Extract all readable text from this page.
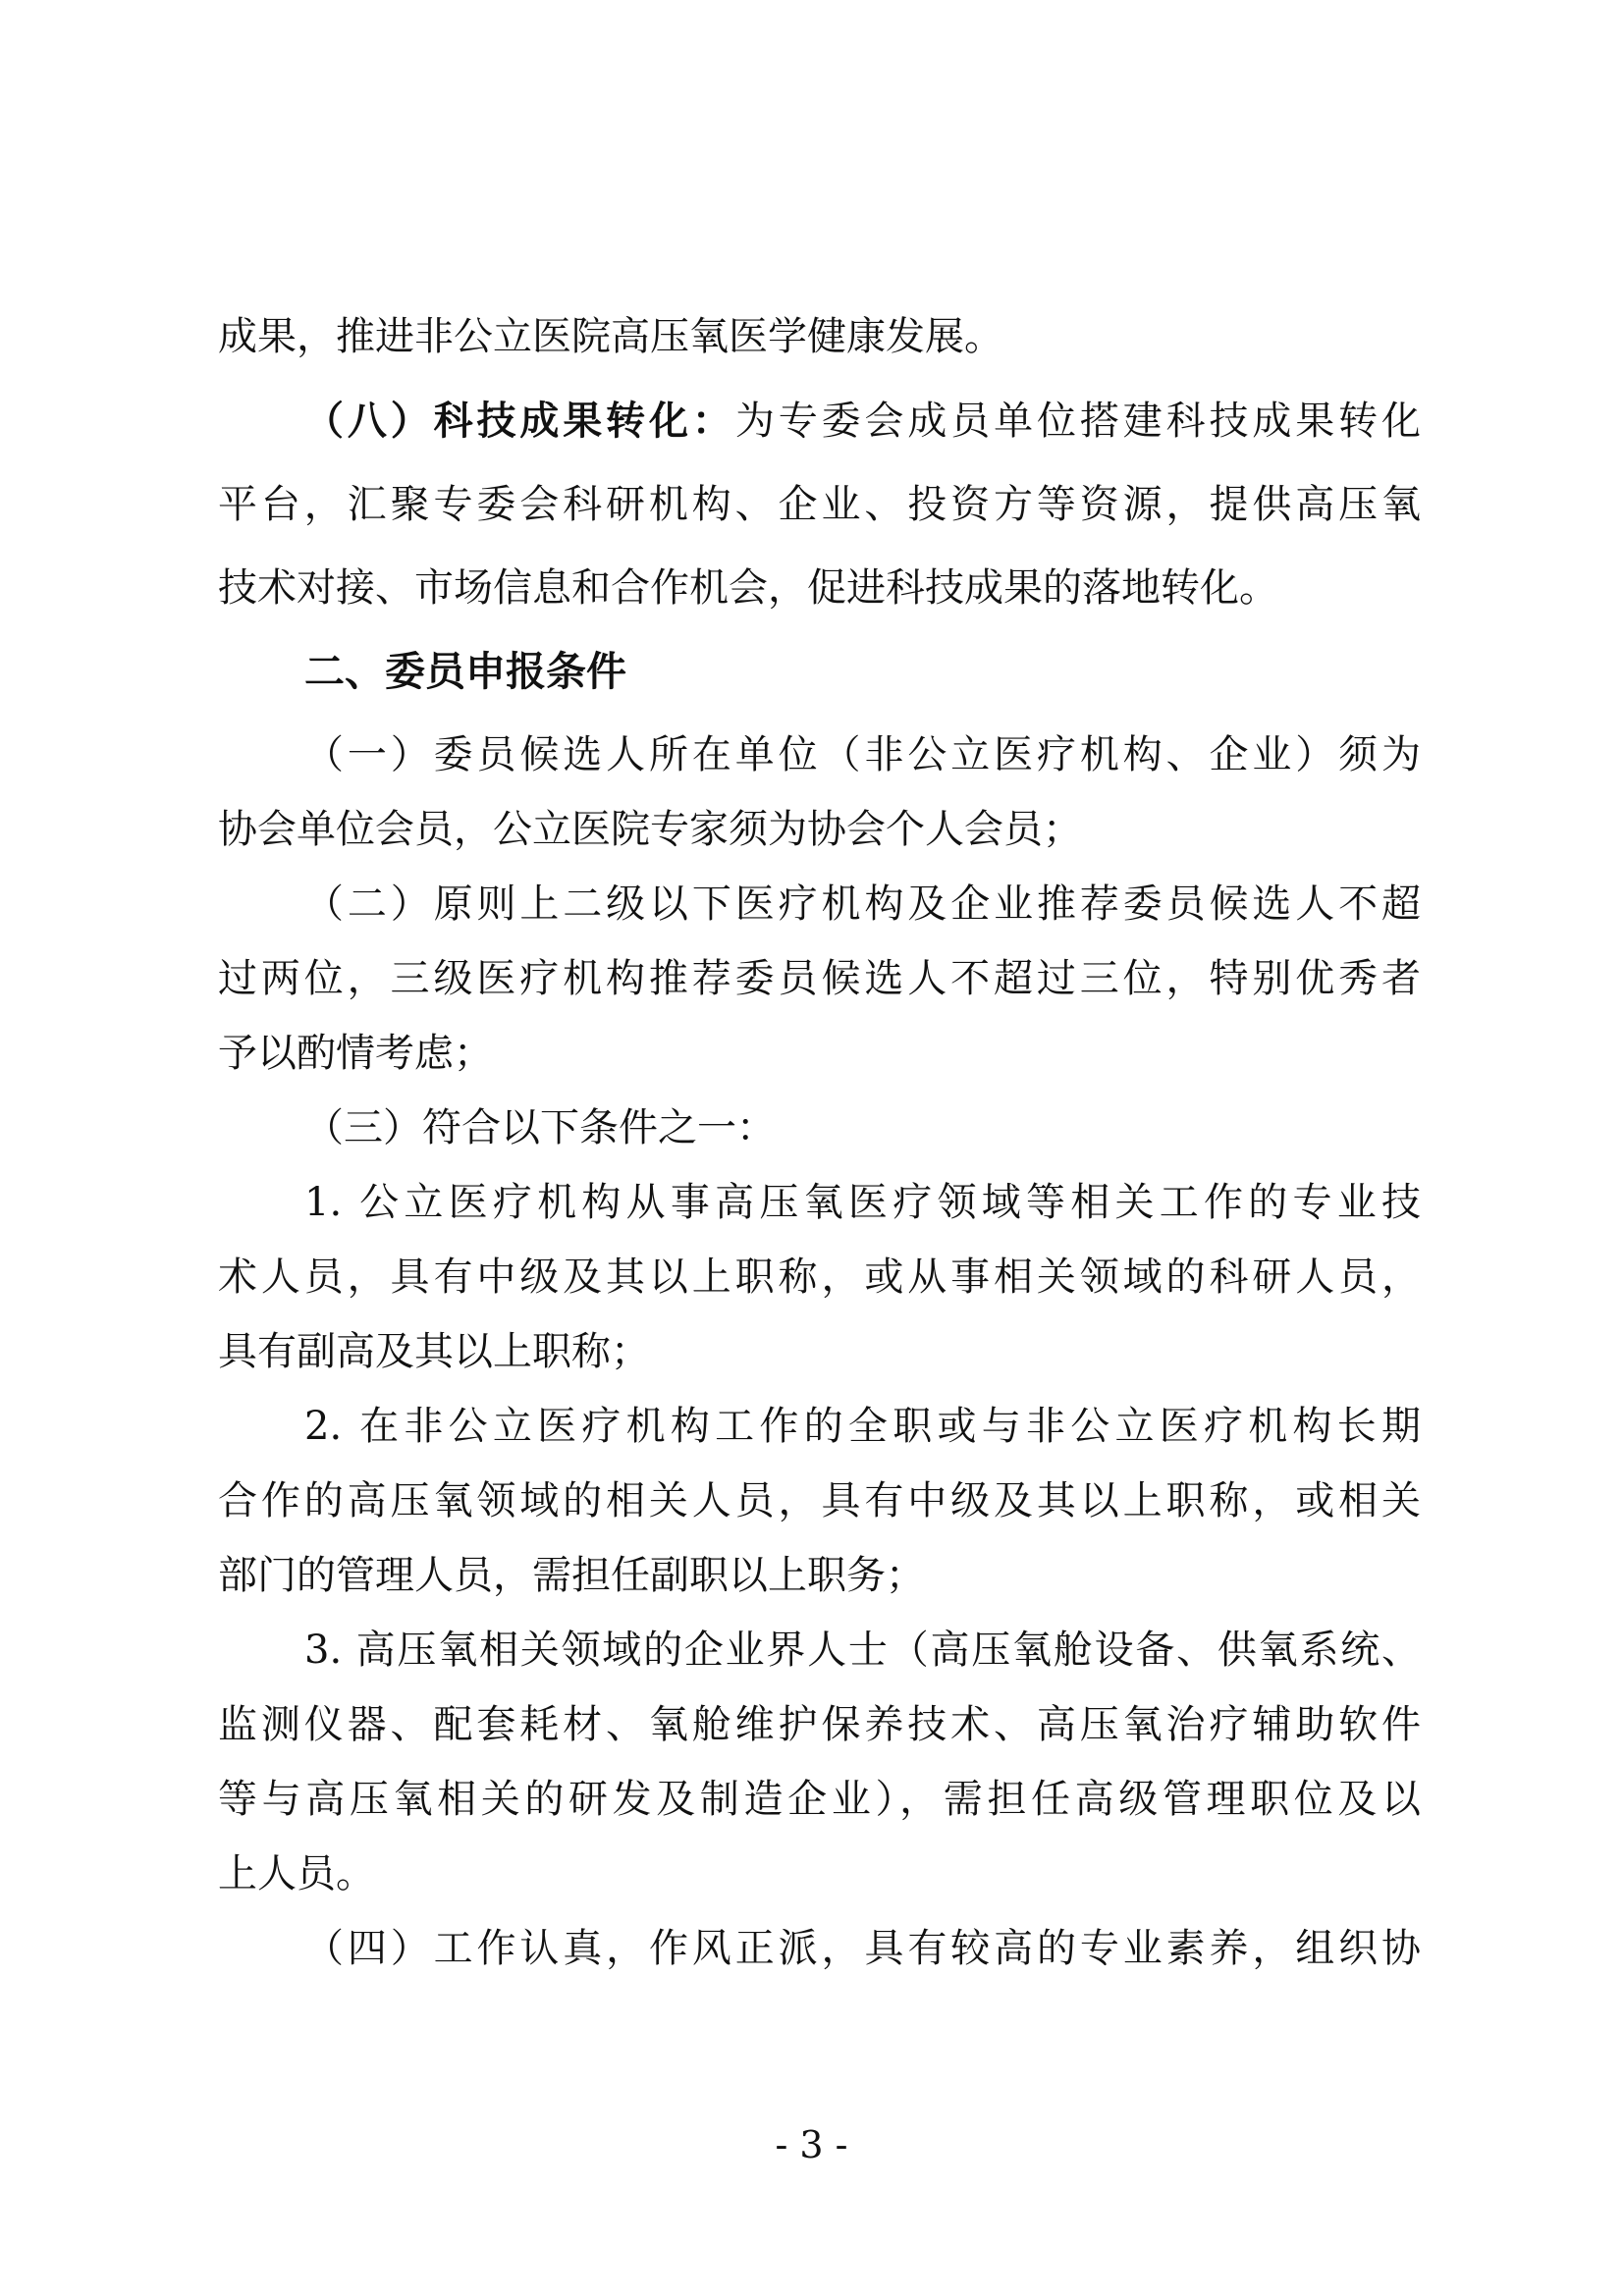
成果，推进非公立医院高压氧医学健康发展。
（八）科技成果转化：为专委会成员单位搭建科技成果转化
平台，汇聚专委会科研机构、企业、投资方等资源，提供高压氧
技术对接、市场信息和合作机会，促进科技成果的落地转化。
二、委员申报条件
（一）委员候选人所在单位（非公立医疗机构、企业）须为
协会单位会员，公立医院专家须为协会个人会员；
（二）原则上二级以下医疗机构及企业推荐委员候选人不超
过两位，三级医疗机构推荐委员候选人不超过三位，特别优秀者
予以酌情考虑；
（三）符合以下条件之一：
1. 公立医疗机构从事高压氧医疗领域等相关工作的专业技
术人员，具有中级及其以上职称，或从事相关领域的科研人员，
具有副高及其以上职称；
2. 在非公立医疗机构工作的全职或与非公立医疗机构长期
合作的高压氧领域的相关人员，具有中级及其以上职称，或相关
部门的管理人员，需担任副职以上职务；
3. 高压氧相关领域的企业界人士（高压氧舱设备、供氧系统、
监测仪器、配套耗材、氧舱维护保养技术、高压氧治疗辅助软件
等与高压氧相关的研发及制造企业），需担任高级管理职位及以
上人员。
（四）工作认真，作风正派，具有较高的专业素养，组织协
- 3 -
